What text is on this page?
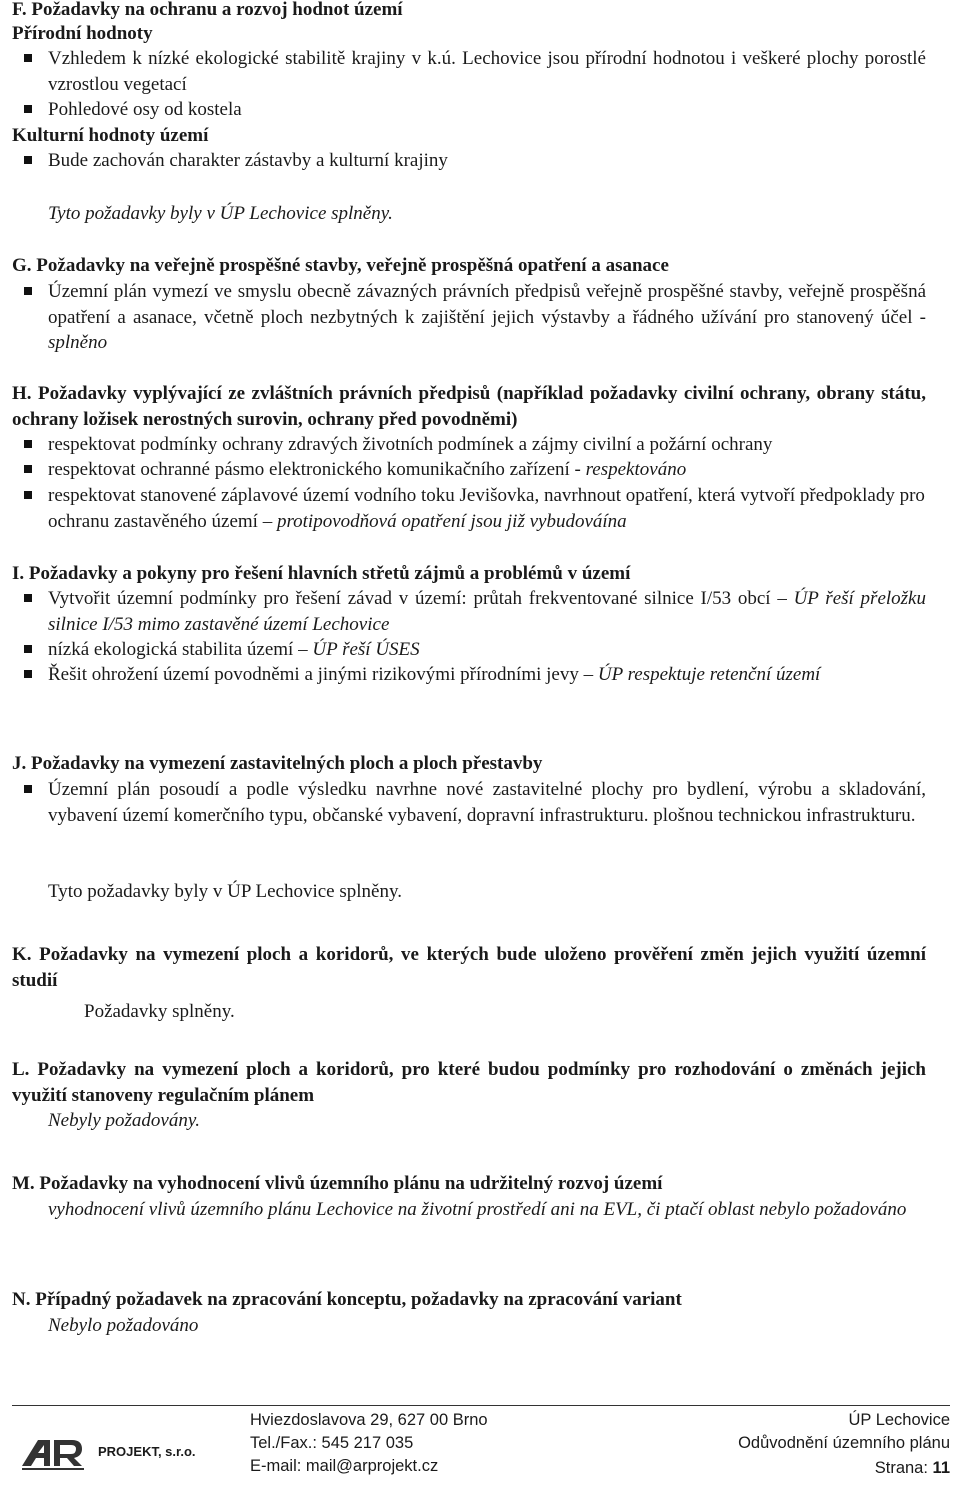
F. Požadavky na ochranu a rozvoj hodnot území
Přírodní hodnoty
Vzhledem k nízké ekologické stabilitě krajiny v k.ú. Lechovice jsou přírodní hodnotou i veškeré plochy porostlé vzrostlou vegetací
Pohledové osy od kostela
Kulturní hodnoty území
Bude zachován charakter zástavby a kulturní krajiny
Tyto požadavky byly v ÚP Lechovice splněny.
G. Požadavky na veřejně prospěšné stavby, veřejně prospěšná opatření a asanace
Územní plán vymezí ve smyslu obecně závazných právních předpisů veřejně prospěšné stavby, veřejně prospěšná opatření a asanace, včetně ploch nezbytných k zajištění jejich výstavby a řádného užívání pro stanovený účel - splněno
H. Požadavky vyplývající ze zvláštních právních předpisů (například požadavky civilní ochrany, obrany státu, ochrany ložisek nerostných surovin, ochrany před povodněmi)
respektovat podmínky ochrany zdravých životních podmínek a zájmy civilní a požární ochrany
respektovat ochranné pásmo elektronického komunikačního zařízení - respektováno
respektovat stanovené záplavové území vodního toku Jevišovka, navrhnout opatření, která vytvoří předpoklady pro ochranu zastavěného území – protipovodňová opatření jsou již vybudováína
I. Požadavky a pokyny pro řešení hlavních střetů zájmů a problémů v území
Vytvořit územní podmínky pro řešení závad v území: průtah frekventované silnice I/53 obcí – ÚP řeší přeložku silnice I/53 mimo zastavěné území Lechovice
nízká ekologická stabilita území – ÚP řeší ÚSES
Řešit ohrožení území povodněmi a jinými rizikovými přírodními jevy – ÚP respektuje retenční území
J. Požadavky na vymezení zastavitelných ploch a ploch přestavby
Územní plán posoudí a podle výsledku navrhne nové zastavitelné plochy pro bydlení, výrobu a skladování, vybavení území komerčního typu, občanské vybavení, dopravní infrastrukturu. plošnou technickou infrastrukturu.
Tyto požadavky byly v ÚP Lechovice splněny.
K. Požadavky na vymezení ploch a koridorů, ve kterých bude uloženo prověření změn jejich využití územní studií
Požadavky splněny.
L. Požadavky na vymezení ploch a koridorů, pro které budou podmínky pro rozhodování o změnách jejich využití stanoveny regulačním plánem
Nebyly požadovány.
M. Požadavky na vyhodnocení vlivů územního plánu na udržitelný rozvoj území
vyhodnocení vlivů územního plánu Lechovice na životní prostředí ani na EVL, či ptačí oblast nebylo požadováno
N. Případný požadavek na zpracování konceptu, požadavky na zpracování variant
Nebylo požadováno
PROJEKT, s.r.o.
Hviezdoslavova 29, 627 00 Brno
Tel./Fax.: 545 217 035
E-mail: mail@arprojekt.cz
ÚP Lechovice
Odůvodnění územního plánu
Strana: 11
